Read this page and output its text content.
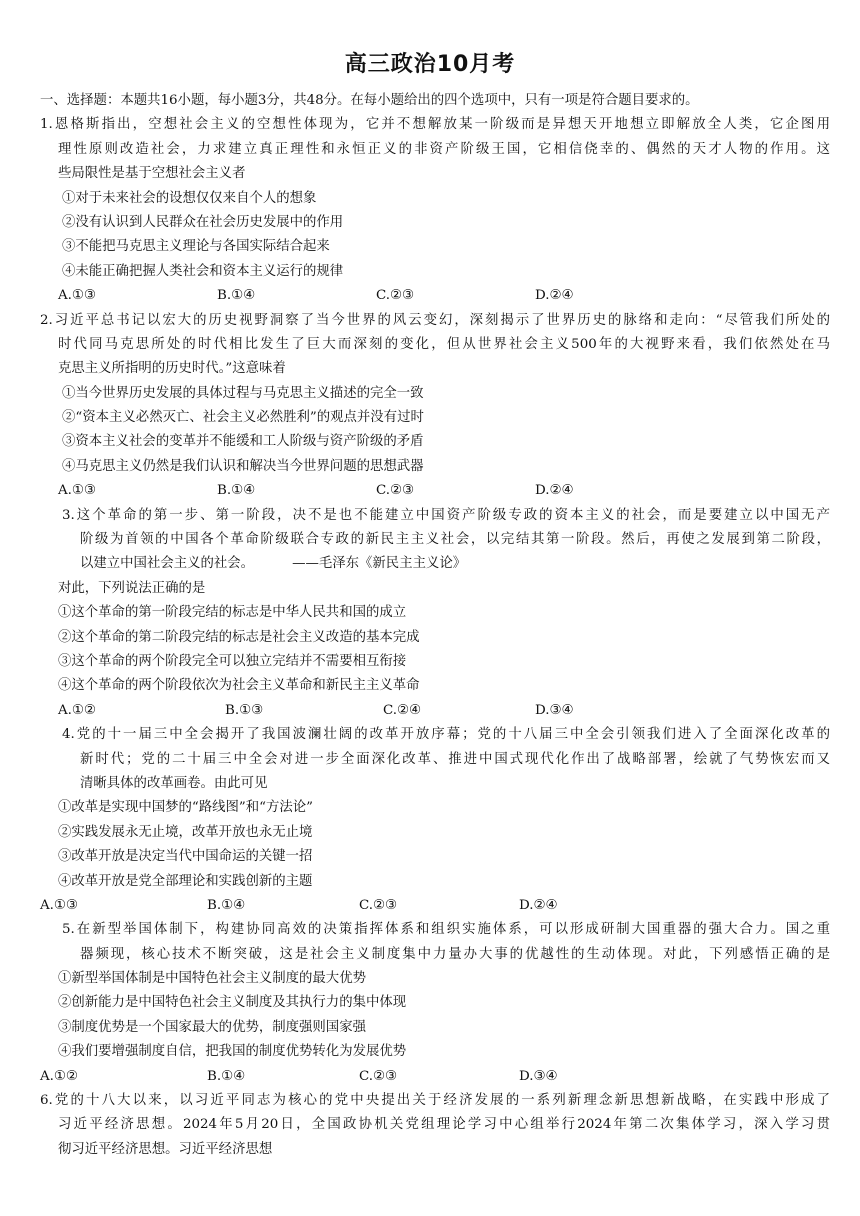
高三政治10月考
一、选择题：本题共16小题，每小题3分，共48分。在每小题给出的四个选项中，只有一项是符合题目要求的。
1.恩格斯指出，空想社会主义的空想性体现为，它并不想解放某一阶级而是异想天开地想立即解放全人类，它企图用
理性原则改造社会，力求建立真正理性和永恒正义的非资产阶级王国，它相信侥幸的、偶然的天才人物的作用。这
些局限性是基于空想社会主义者
①对于未来社会的设想仅仅来自个人的想象
②没有认识到人民群众在社会历史发展中的作用
③不能把马克思主义理论与各国实际结合起来
④未能正确把握人类社会和资本主义运行的规律
A.①③	B.①④	C.②③	D.②④
2.习近平总书记以宏大的历史视野洞察了当今世界的风云变幻，深刻揭示了世界历史的脉络和走向：“尽管我们所处的
时代同马克思所处的时代相比发生了巨大而深刻的变化，但从世界社会主义500年的大视野来看，我们依然处在马
克思主义所指明的历史时代。”这意味着
①当今世界历史发展的具体过程与马克思主义描述的完全一致
②“资本主义必然灭亡、社会主义必然胜利”的观点并没有过时
③资本主义社会的变革并不能缓和工人阶级与资产阶级的矛盾
④马克思主义仍然是我们认识和解决当今世界问题的思想武器
A.①③	B.①④	C.②③	D.②④
3.这个革命的第一步、第一阶段，决不是也不能建立中国资产阶级专政的资本主义的社会，而是要建立以中国无产
阶级为首领的中国各个革命阶级联合专政的新民主主义社会，以完结其第一阶段。然后，再使之发展到第二阶段，
以建立中国社会主义的社会。	——毛泽东《新民主主义论》
对此，下列说法正确的是
①这个革命的第一阶段完结的标志是中华人民共和国的成立
②这个革命的第二阶段完结的标志是社会主义改造的基本完成
③这个革命的两个阶段完全可以独立完结并不需要相互衔接
④这个革命的两个阶段依次为社会主义革命和新民主主义革命
A.①②	B.①③	C.②④	D.③④
4.党的十一届三中全会揭开了我国波澜壮阔的改革开放序幕；党的十八届三中全会引领我们进入了全面深化改革的
新时代；党的二十届三中全会对进一步全面深化改革、推进中国式现代化作出了战略部署，绘就了气势恢宏而又
清晰具体的改革画卷。由此可见
①改革是实现中国梦的“路线图”和“方法论”
②实践发展永无止境，改革开放也永无止境
③改革开放是决定当代中国命运的关键一招
④改革开放是党全部理论和实践创新的主题
A.①③	B.①④	C.②③	D.②④
5.在新型举国体制下，构建协同高效的决策指挥体系和组织实施体系，可以形成研制大国重器的强大合力。国之重
器频现，核心技术不断突破，这是社会主义制度集中力量办大事的优越性的生动体现。对此，下列感悟正确的是
①新型举国体制是中国特色社会主义制度的最大优势
②创新能力是中国特色社会主义制度及其执行力的集中体现
③制度优势是一个国家最大的优势，制度强则国家强
④我们要增强制度自信，把我国的制度优势转化为发展优势
A.①②	B.①④	C.②③	D.③④
6.党的十八大以来，以习近平同志为核心的党中央提出关于经济发展的一系列新理念新思想新战略，在实践中形成了
习近平经济思想。2024年5月20日，全国政协机关党组理论学习中心组举行2024年第二次集体学习，深入学习贯
彻习近平经济思想。习近平经济思想
